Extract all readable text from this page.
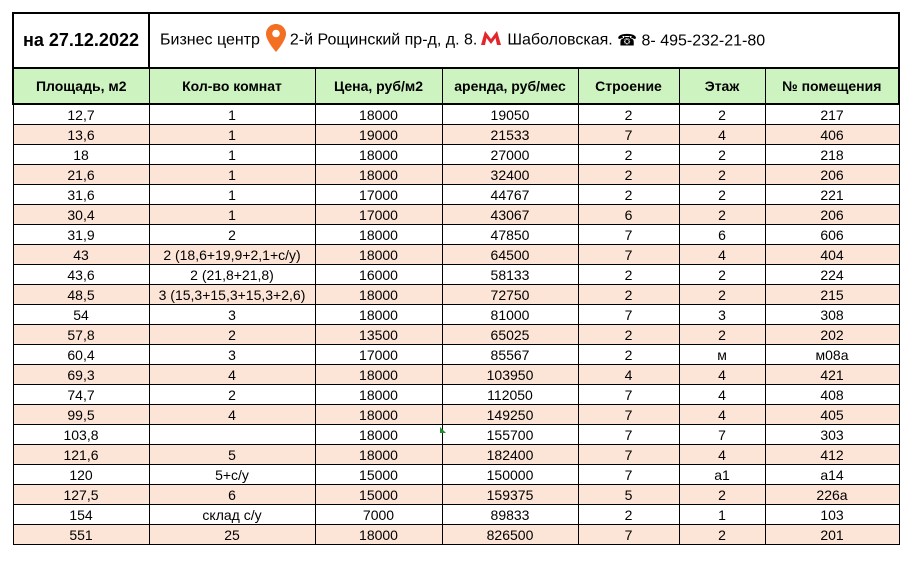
на 27.12.2022	Бизнес центр 2-й Рощинский пр-д, д. 8. Шаболовская. ☎ 8- 495-232-21-80					
Площадь, м2	Кол-во комнат	Цена, руб/м2	аренда, руб/мес	Строение	Этаж	№ помещения
12,7	1	18000	19050	2	2	217
13,6	1	19000	21533	7	4	406
18	1	18000	27000	2	2	218
21,6	1	18000	32400	2	2	206
31,6	1	17000	44767	2	2	221
30,4	1	17000	43067	6	2	206
31,9	2	18000	47850	7	6	606
43	2 (18,6+19,9+2,1+с/у)	18000	64500	7	4	404
43,6	2 (21,8+21,8)	16000	58133	2	2	224
48,5	3 (15,3+15,3+15,3+2,6)	18000	72750	2	2	215
54	3	18000	81000	7	3	308
57,8	2	13500	65025	2	2	202
60,4	3	17000	85567	2	м	м08а
69,3	4	18000	103950	4	4	421
74,7	2	18000	112050	7	4	408
99,5	4	18000	149250	7	4	405
103,8		18000	155700	7	7	303
121,6	5	18000	182400	7	4	412
120	5+с/у	15000	150000	7	а1	а14
127,5	6	15000	159375	5	2	226а
154	склад с/у	7000	89833	2	1	103
551	25	18000	826500	7	2	201
